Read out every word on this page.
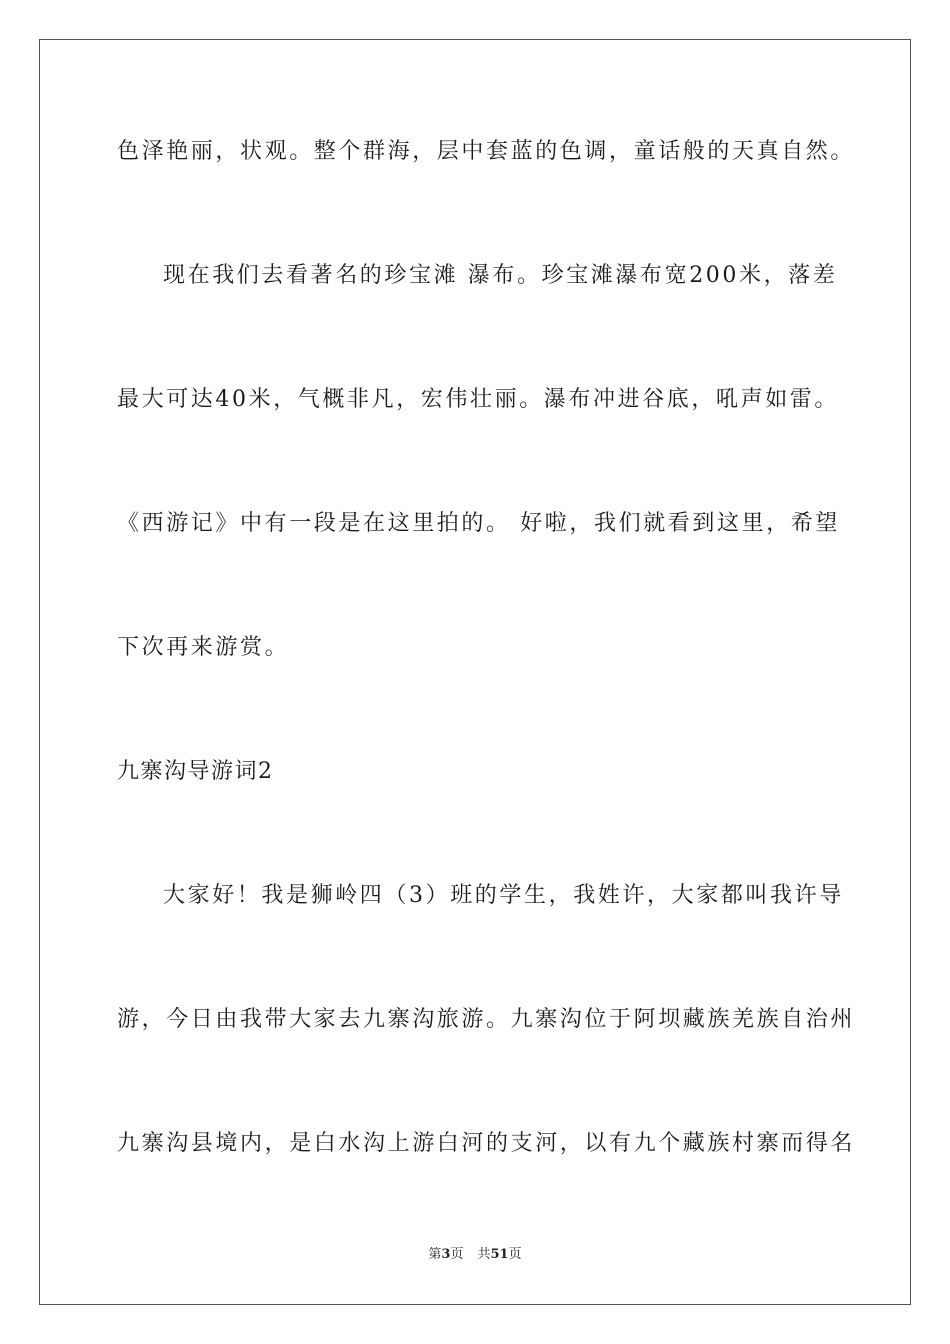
色泽艳丽，状观。整个群海，层中套蓝的色调，童话般的天真自然。
现在我们去看著名的珍宝滩 瀑布。珍宝滩瀑布宽200米，落差
最大可达40米，气概非凡，宏伟壮丽。瀑布冲进谷底，吼声如雷。
《西游记》中有一段是在这里拍的。 好啦，我们就看到这里，希望
下次再来游赏。
九寨沟导游词2
大家好！我是狮岭四（3）班的学生，我姓许，大家都叫我许导
游，今日由我带大家去九寨沟旅游。九寨沟位于阿坝藏族羌族自治州
九寨沟县境内，是白水沟上游白河的支河，以有九个藏族村寨而得名
第3页 共51页
